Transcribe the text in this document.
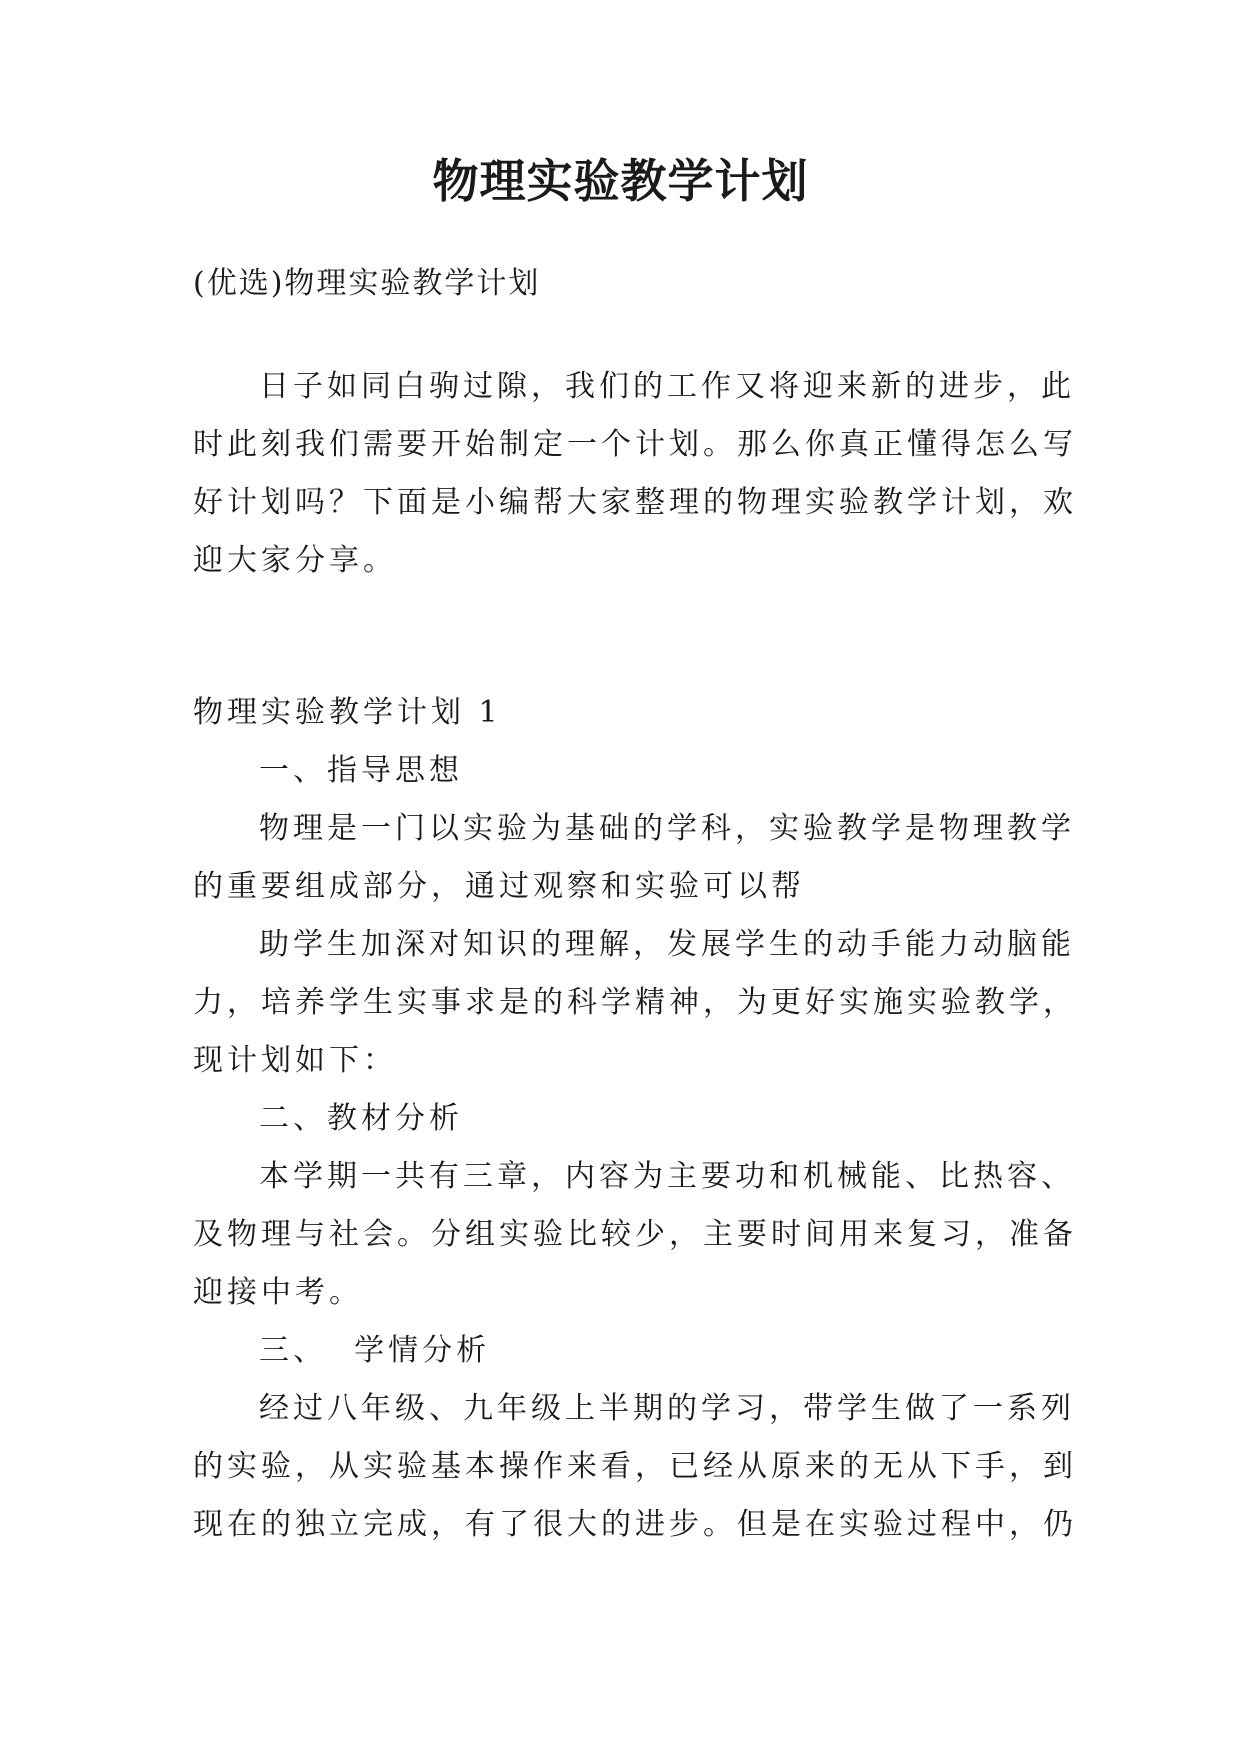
物理实验教学计划
(优选)物理实验教学计划
日子如同白驹过隙，我们的工作又将迎来新的进步，此
时此刻我们需要开始制定一个计划。那么你真正懂得怎么写
好计划吗？下面是小编帮大家整理的物理实验教学计划，欢
迎大家分享。
物理实验教学计划 1
一、指导思想
物理是一门以实验为基础的学科，实验教学是物理教学
的重要组成部分，通过观察和实验可以帮
助学生加深对知识的理解，发展学生的动手能力动脑能
力，培养学生实事求是的科学精神，为更好实施实验教学，
现计划如下：
二、教材分析
本学期一共有三章，内容为主要功和机械能、比热容、
及物理与社会。分组实验比较少，主要时间用来复习，准备
迎接中考。
三、  学情分析
经过八年级、九年级上半期的学习，带学生做了一系列
的实验，从实验基本操作来看，已经从原来的无从下手，到
现在的独立完成，有了很大的进步。但是在实验过程中，仍
